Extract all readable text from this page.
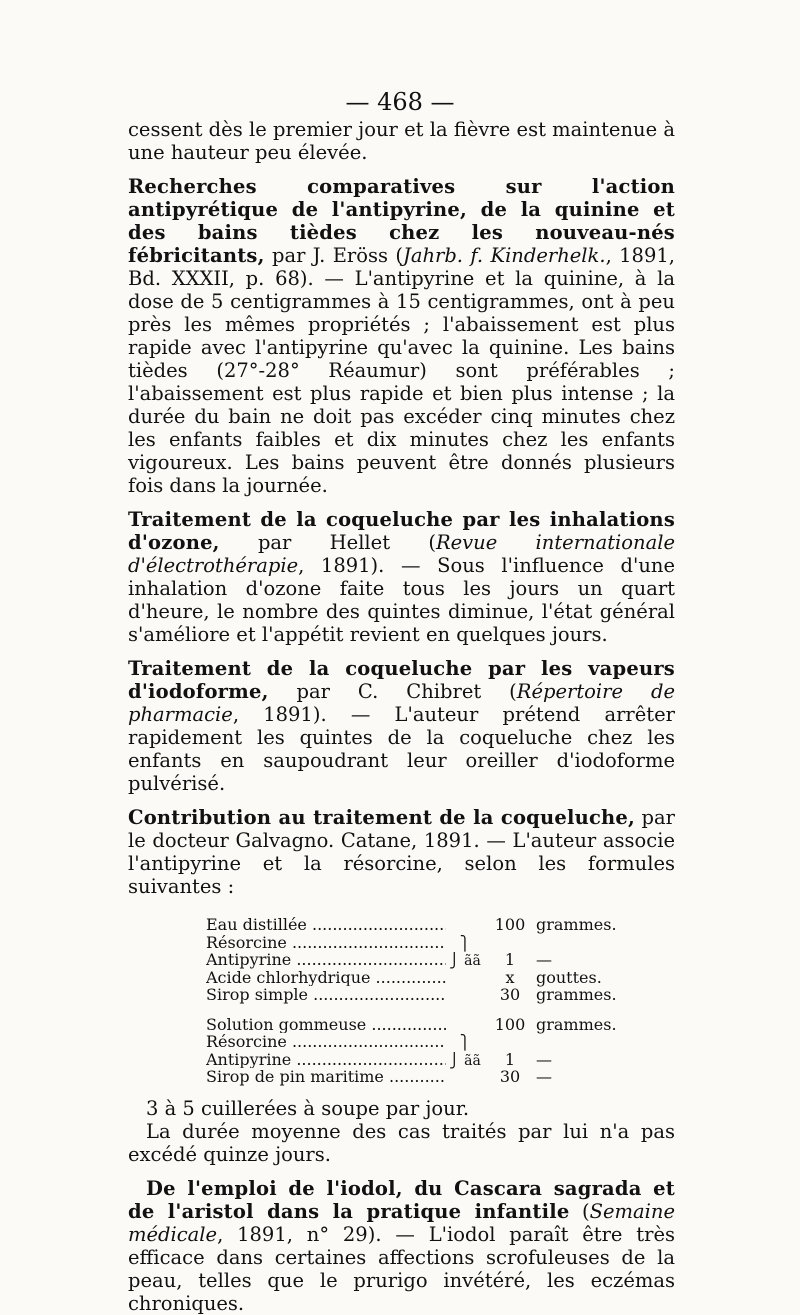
— 468 —

cessent dès le premier jour et la fièvre est maintenue à une hauteur peu élevée.

Recherches comparatives sur l'action antipyrétique de l'antipyrine, de la quinine et des bains tièdes chez les nouveau-nés fébricitants, par J. Eröss (Jahrb. f. Kinderhelk., 1891, Bd. XXXII, p. 68). — L'antipyrine et la quinine, à la dose de 5 centigrammes à 15 centigrammes, ont à peu près les mêmes propriétés ; l'abaissement est plus rapide avec l'antipyrine qu'avec la quinine. Les bains tièdes (27°-28° Réaumur) sont préférables ; l'abaissement est plus rapide et bien plus intense ; la durée du bain ne doit pas excéder cinq minutes chez les enfants faibles et dix minutes chez les enfants vigoureux. Les bains peuvent être donnés plusieurs fois dans la journée.

Traitement de la coqueluche par les inhalations d'ozone, par Hellet (Revue internationale d'électrothérapie, 1891). — Sous l'influence d'une inhalation d'ozone faite tous les jours un quart d'heure, le nombre des quintes diminue, l'état général s'améliore et l'appétit revient en quelques jours.

Traitement de la coqueluche par les vapeurs d'iodoforme, par C. Chibret (Répertoire de pharmacie, 1891). — L'auteur prétend arrêter rapidement les quintes de la coqueluche chez les enfants en saupoudrant leur oreiller d'iodoforme pulvérisé.

Contribution au traitement de la coqueluche, par le docteur Galvagno. Catane, 1891. — L'auteur associe l'antipyrine et la résorcine, selon les formules suivantes :

Eau distillée .....	100 grammes.
Résorcine .....	⎫
Antipyrine .....	⎭ ãã	1	—
Acide chlorhydrique .....	x	gouttes.
Sirop simple .....	30 grammes.
Solution gommeuse .....	100 grammes.
Résorcine .....	⎫
Antipyrine .....	⎭ ãã	1	—
Sirop de pin maritime .....	30 —

3 à 5 cuillerées à soupe par jour.

La durée moyenne des cas traités par lui n'a pas excédé quinze jours.

De l'emploi de l'iodol, du Cascara sagrada et de l'aristol dans la pratique infantile (Semaine médicale, 1891, n° 29). — L'iodol paraît être très efficace dans certaines affections scrofuleuses de la peau, telles que le prurigo invétéré, les eczémas chroniques.
